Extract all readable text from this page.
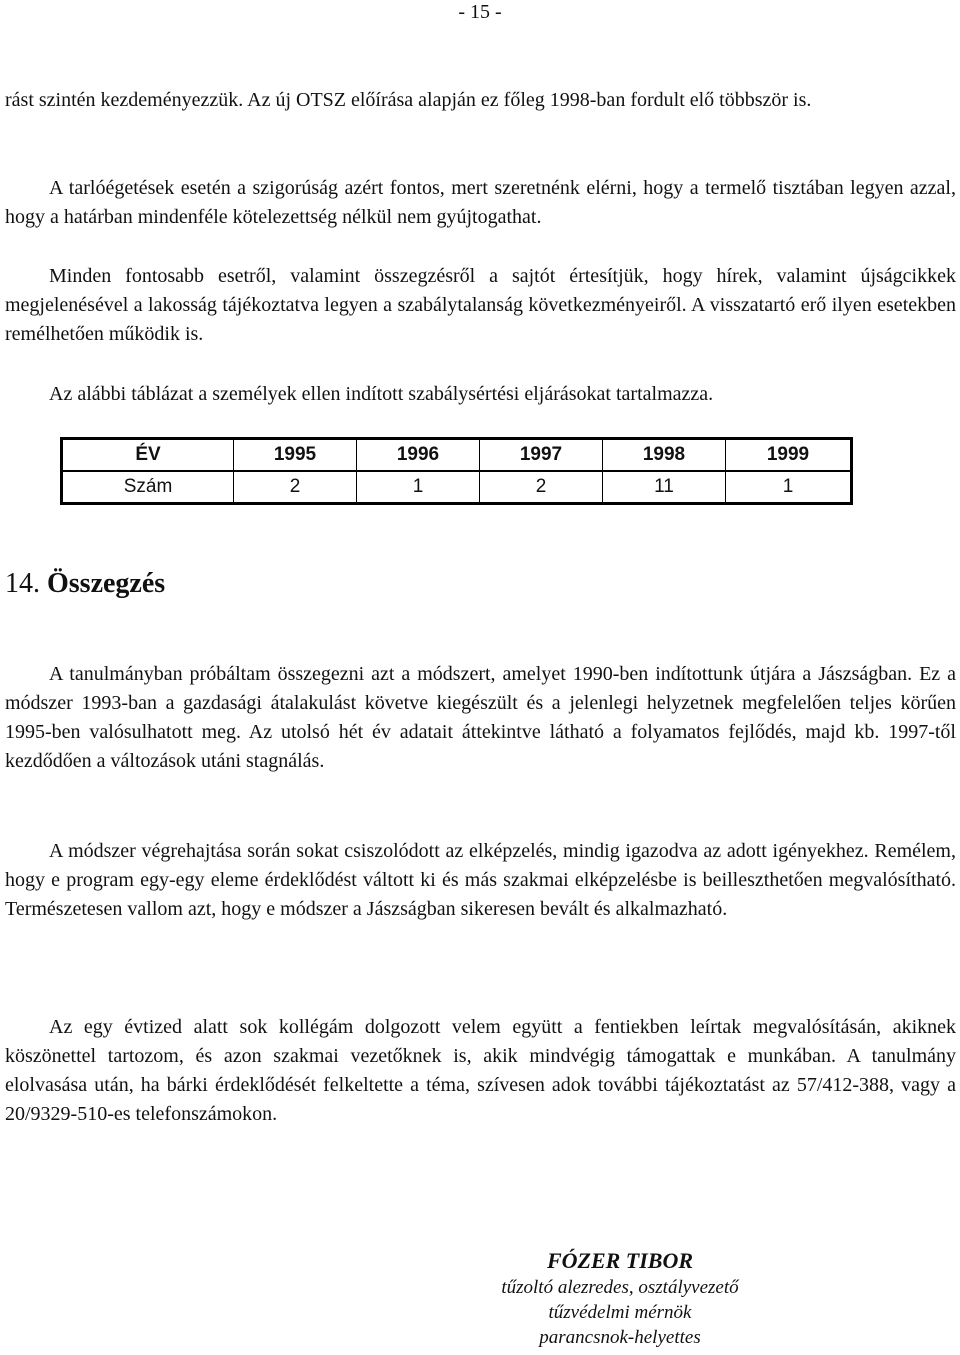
- 15 -

rást szintén kezdeményezzük. Az új OTSZ előírása alapján ez főleg 1998-ban fordult elő többször is.

A tarlóégetések esetén a szigorúság azért fontos, mert szeretnénk elérni, hogy a termelő tisztában legyen azzal, hogy a határban mindenféle kötelezettség nélkül nem gyújtogathat.

Minden fontosabb esetről, valamint összegzésről a sajtót értesítjük, hogy hírek, valamint újságcikkek megjelenésével a lakosság tájékoztatva legyen a szabálytalanság következményeiről. A visszatartó erő ilyen esetekben remélhetően működik is.

Az alábbi táblázat a személyek ellen indított szabálysértési eljárásokat tartalmazza.

ÉV	1995	1996	1997	1998	1999
Szám	2	1	2	11	1
14. Összegzés

A tanulmányban próbáltam összegezni azt a módszert, amelyet 1990-ben indítottunk útjára a Jászságban. Ez a módszer 1993-ban a gazdasági átalakulást követve kiegészült és a jelenlegi helyzetnek megfelelően teljes körűen 1995-ben valósulhatott meg. Az utolsó hét év adatait áttekintve látható a folyamatos fejlődés, majd kb. 1997-től kezdődően a változások utáni stagnálás.

A módszer végrehajtása során sokat csiszolódott az elképzelés, mindig igazodva az adott igényekhez. Remélem, hogy e program egy-egy eleme érdeklődést váltott ki és más szakmai elképzelésbe is beilleszthetően megvalósítható. Természetesen vallom azt, hogy e módszer a Jászságban sikeresen bevált és alkalmazható.

Az egy évtized alatt sok kollégám dolgozott velem együtt a fentiekben leírtak megvalósításán, akiknek köszönettel tartozom, és azon szakmai vezetőknek is, akik mindvégig támogattak e munkában. A tanulmány elolvasása után, ha bárki érdeklődését felkeltette a téma, szívesen adok további tájékoztatást az 57/412-388, vagy a 20/9329-510-es telefonszámokon.

FÓZER TIBOR
tűzoltó alezredes, osztályvezető
tűzvédelmi mérnök
parancsnok-helyettes
